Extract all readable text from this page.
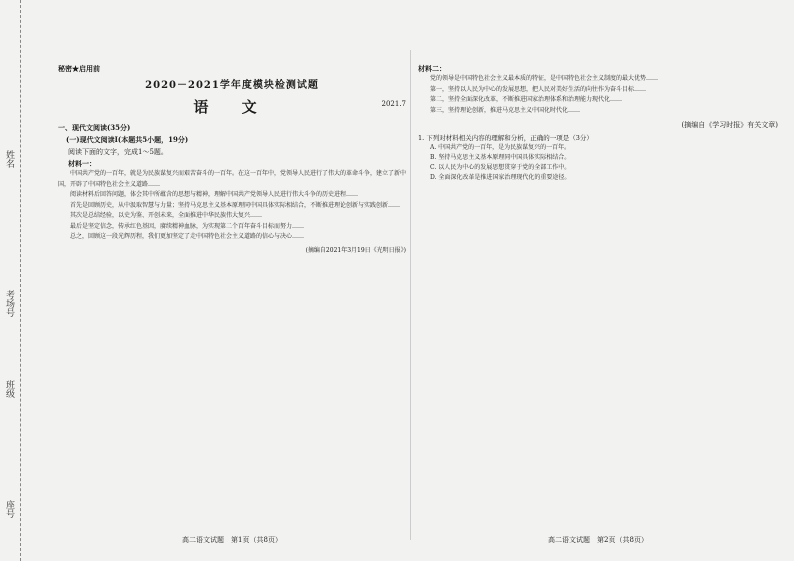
姓名
考场号
班级
座号
秘密★启用前
2020－2021学年度模块检测试题
语 文	2021.7
一、现代文阅读(35分)
(一)现代文阅读Ⅰ(本题共5小题，19分)
阅读下面的文字，完成1～5题。
材料一：

中国共产党的一百年，就是为民族谋复兴而艰苦奋斗的一百年。在这一百年中，党领导人民进行了伟大的革命斗争，建立了新中国，开辟了中国特色社会主义道路……

阅读材料后回答问题，体会其中所蕴含的思想与精神，理解中国共产党领导人民进行伟大斗争的历史进程……

首先是回顾历史，从中汲取智慧与力量；坚持马克思主义基本原理同中国具体实际相结合，不断推进理论创新与实践创新……

其次是总结经验，以史为鉴、开创未来，全面推进中华民族伟大复兴……

最后是坚定信念，传承红色基因，赓续精神血脉，为实现第二个百年奋斗目标而努力……

总之，回顾这一段光辉历程，我们更加坚定了走中国特色社会主义道路的信心与决心……

(摘编自2021年3月19日《光明日报》)
高二语文试题　第1页（共8页）
材料二：

党的领导是中国特色社会主义最本质的特征，是中国特色社会主义制度的最大优势……

第一，坚持以人民为中心的发展思想，把人民对美好生活的向往作为奋斗目标……

第二，坚持全面深化改革，不断推进国家治理体系和治理能力现代化……

第三，坚持理论创新，推进马克思主义中国化时代化……

(摘编自《学习时报》有关文章)
1. 下列对材料相关内容的理解和分析，正确的一项是（3分）
A. 中国共产党的一百年，是为民族谋复兴的一百年。
B. 坚持马克思主义基本原理同中国具体实际相结合。
C. 以人民为中心的发展思想贯穿于党的全部工作中。
D. 全面深化改革是推进国家治理现代化的重要途径。
高二语文试题　第2页（共8页）
